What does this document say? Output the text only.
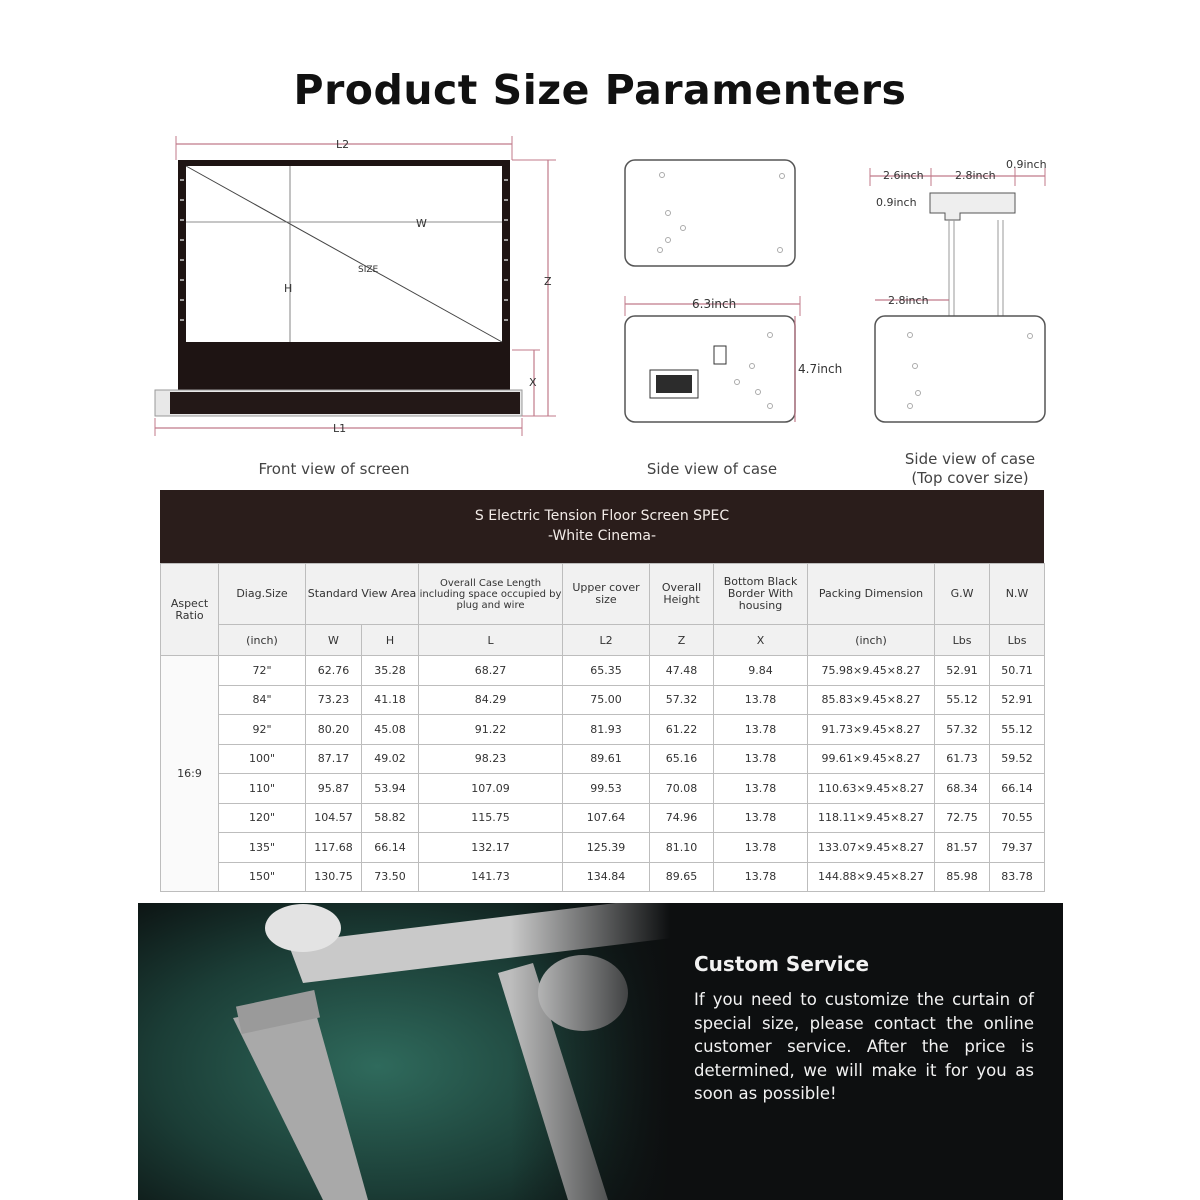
Product Size Paramenters
L2
W
SIZE
H
Z
X
L1
6.3inch
4.7inch
2.6inch	2.8inch
0.9inch
0.9inch
2.8inch
Front view of screen	Side view of case
Side view of case
(Top cover size)
S Electric Tension Floor Screen SPEC
-White Cinema-
Aspect Ratio	Diag.Size	Standard View Area		Overall Case Length including space occupied by plug and wire	Upper cover size	Overall Height	Bottom Black Border With housing	Packing Dimension	G.W	N.W
	(inch)	W	H	L	L2	Z	X	(inch)	Lbs	Lbs
16:9	72"	62.76	35.28	68.27	65.35	47.48	9.84	75.98×9.45×8.27	52.91	50.71
	84"	73.23	41.18	84.29	75.00	57.32	13.78	85.83×9.45×8.27	55.12	52.91
	92"	80.20	45.08	91.22	81.93	61.22	13.78	91.73×9.45×8.27	57.32	55.12
	100"	87.17	49.02	98.23	89.61	65.16	13.78	99.61×9.45×8.27	61.73	59.52
	110"	95.87	53.94	107.09	99.53	70.08	13.78	110.63×9.45×8.27	68.34	66.14
	120"	104.57	58.82	115.75	107.64	74.96	13.78	118.11×9.45×8.27	72.75	70.55
	135"	117.68	66.14	132.17	125.39	81.10	13.78	133.07×9.45×8.27	81.57	79.37
	150"	130.75	73.50	141.73	134.84	89.65	13.78	144.88×9.45×8.27	85.98	83.78
Custom Service
If you need to customize the curtain of special size, please contact the online customer service. After the price is determined, we will make it for you as soon as possible!
